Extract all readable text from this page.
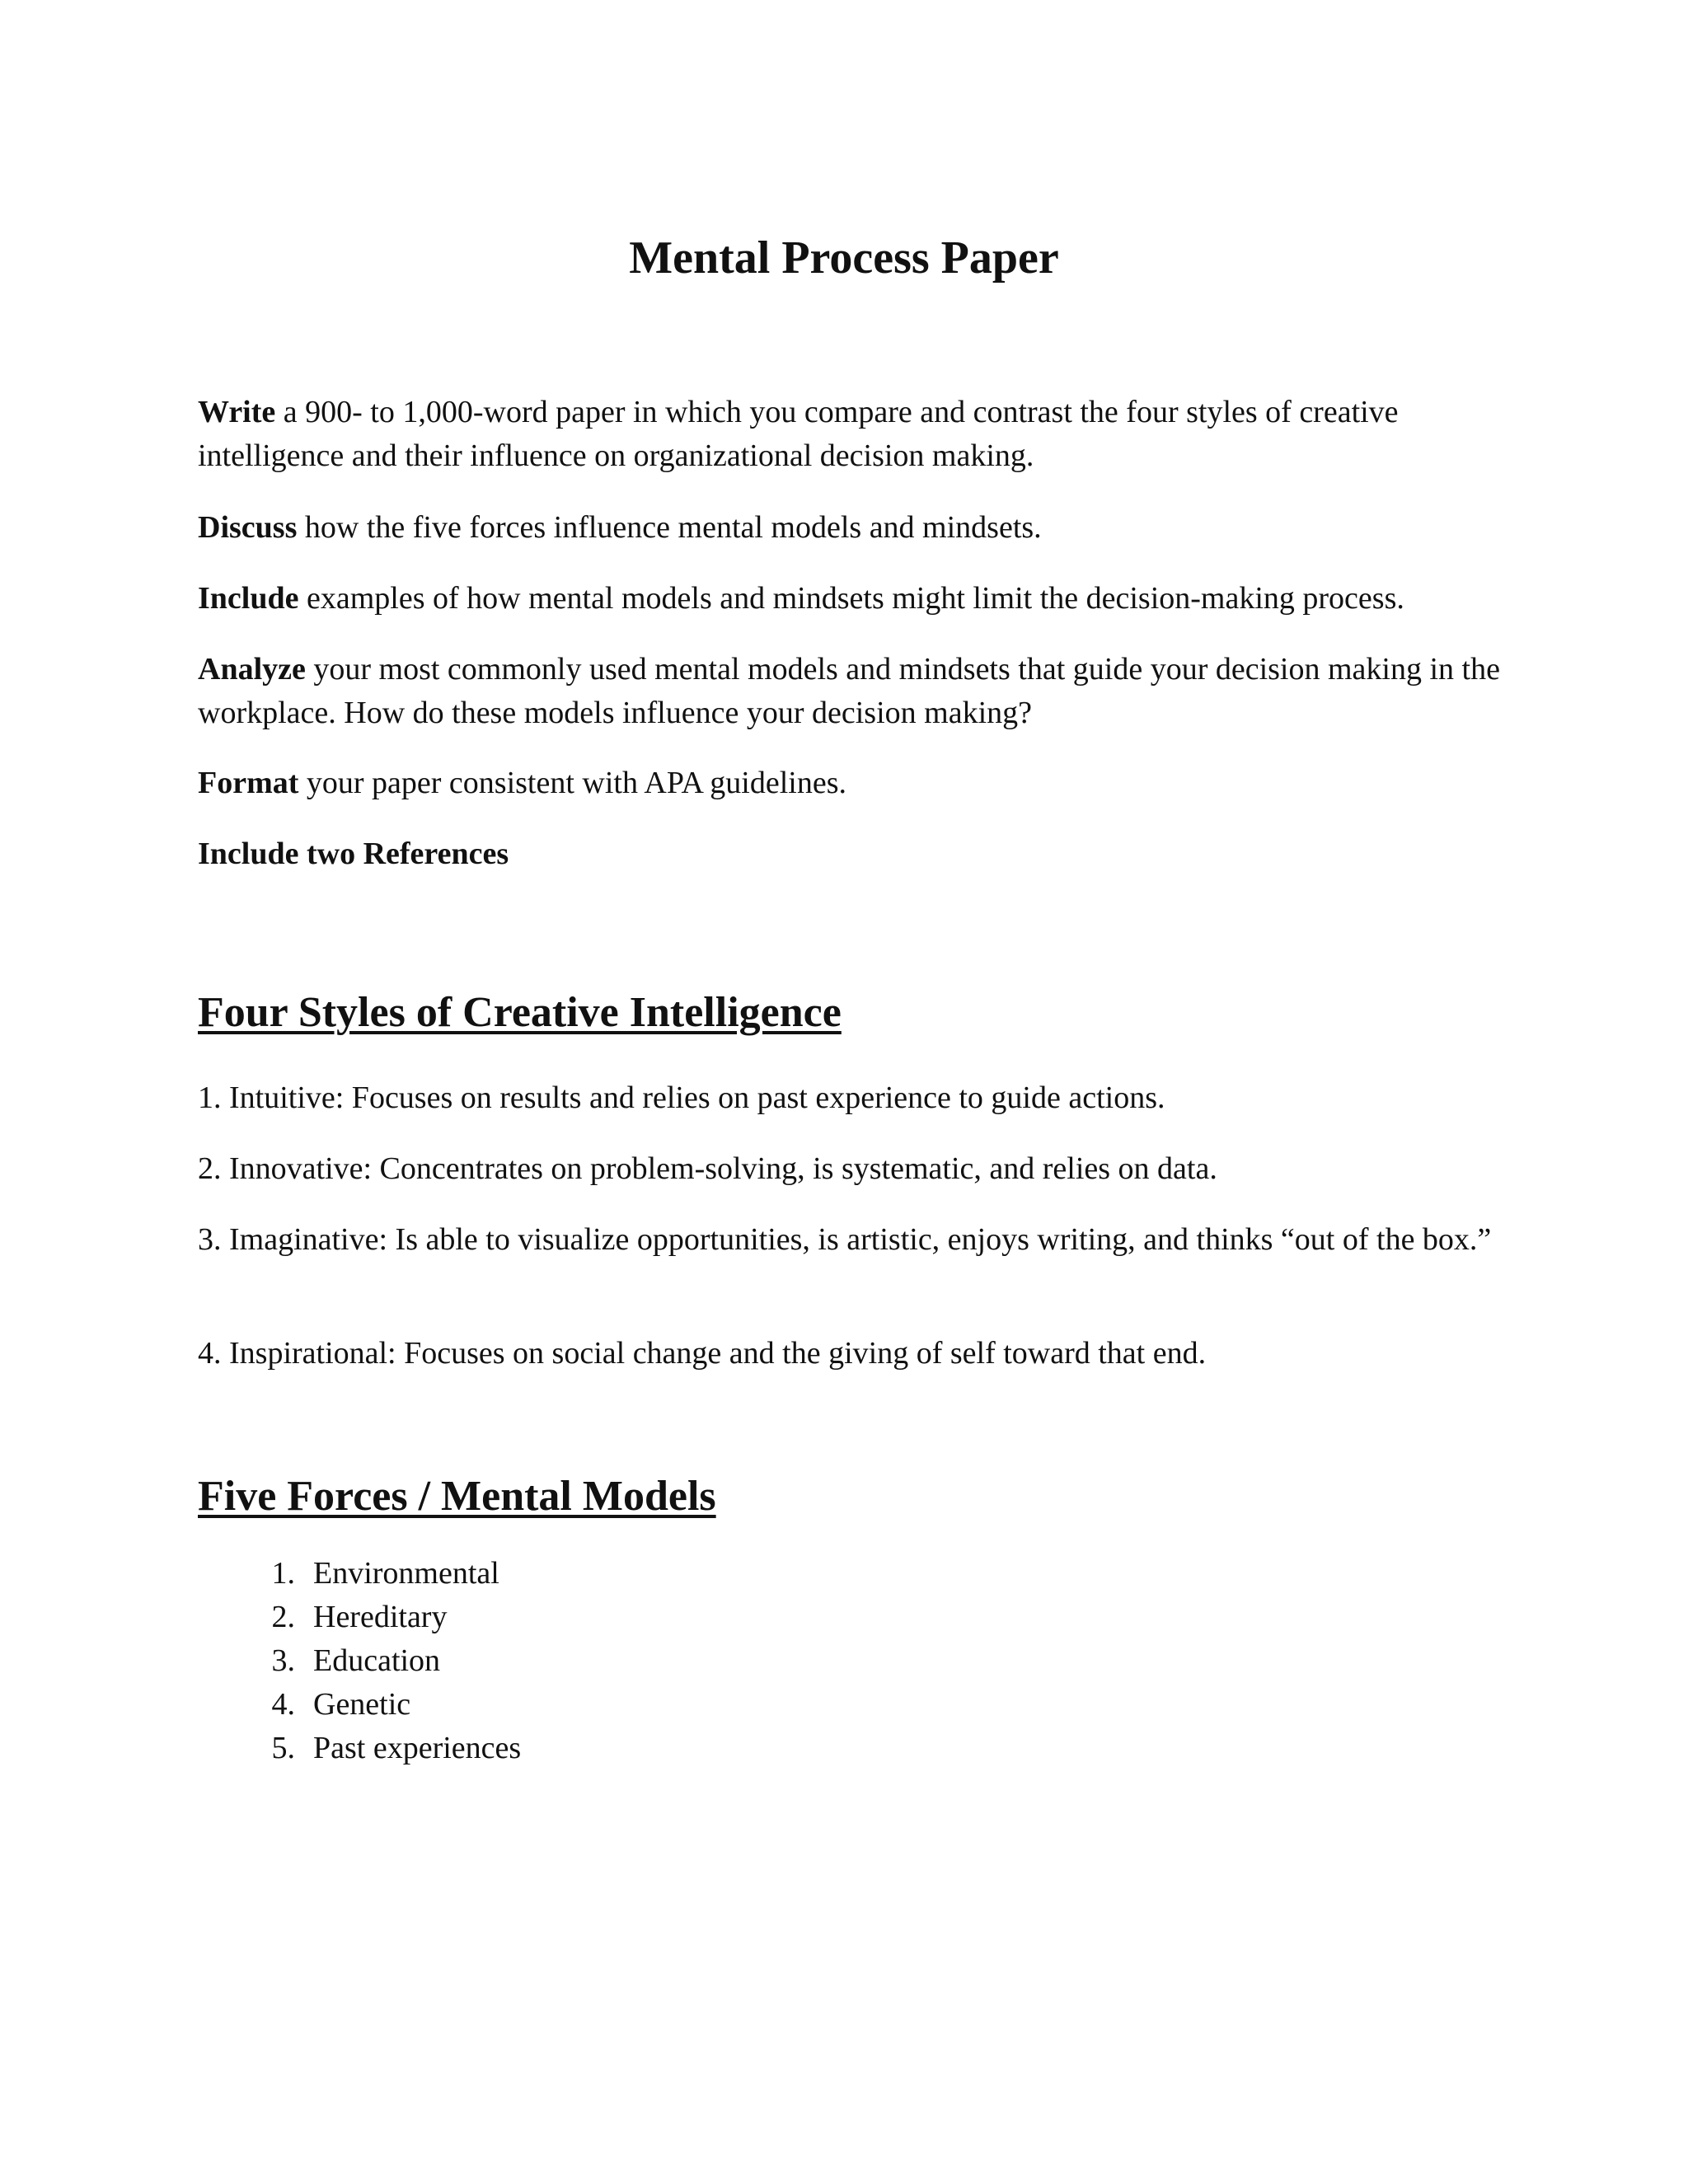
Mental Process Paper

Write a 900- to 1,000-word paper in which you compare and contrast the four styles of creative intelligence and their influence on organizational decision making.

Discuss how the five forces influence mental models and mindsets.

Include examples of how mental models and mindsets might limit the decision-making process.

Analyze your most commonly used mental models and mindsets that guide your decision making in the workplace. How do these models influence your decision making?

Format your paper consistent with APA guidelines.

Include two References

Four Styles of Creative Intelligence

1. Intuitive: Focuses on results and relies on past experience to guide actions.

2. Innovative: Concentrates on problem-solving, is systematic, and relies on data.

3. Imaginative: Is able to visualize opportunities, is artistic, enjoys writing, and thinks “out of the box.”

4. Inspirational: Focuses on social change and the giving of self toward that end.

Five Forces / Mental Models
1. Environmental
2. Hereditary
3. Education
4. Genetic
5. Past experiences
